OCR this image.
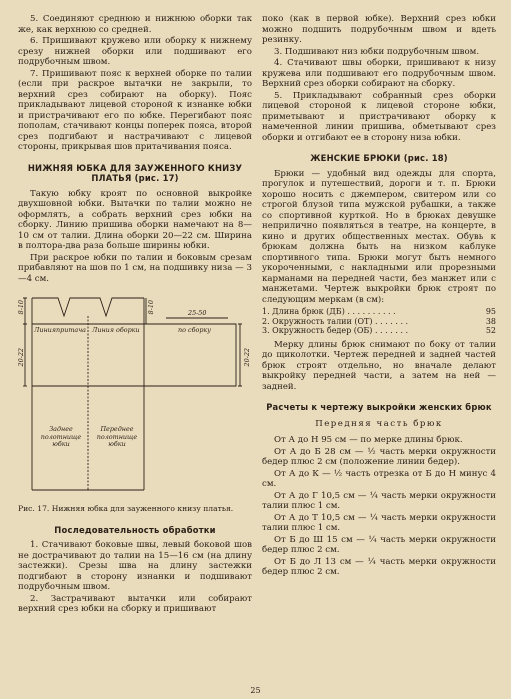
5. Соединяют среднюю и нижнюю оборки так же, как верхнюю со средней.

6. Пришивают кружево или оборку к нижнему срезу нижней оборки или подшивают его подрубочным швом.

7. Пришивают пояс к верхней оборке по талии (если при раскрое вытачки не закрыли, то верхний срез собирают на оборку). Пояс прикладывают лицевой стороной к изнанке юбки и пристрачивают его по юбке. Перегибают пояс пополам, стачивают концы поперек пояса, второй срез подгибают и настрачивают с лицевой стороны, прикрывая шов притачивания пояса.

НИЖНЯЯ ЮБКА ДЛЯ ЗАУЖЕННОГО КНИЗУ ПЛАТЬЯ (рис. 17)

Такую юбку кроят по основной выкройке двухшовной юбки. Вытачки по талии можно не оформлять, а собрать верхний срез юбки на сборку. Линию пришива оборки намечают на 8—10 см от талии. Длина оборки 20—22 см. Ширина в полтора-два раза больше ширины юбки.

При раскрое юбки по талии и боковым срезам прибавляют на шов по 1 см, на подшивку низа — 3—4 см.

8-10	8-10
Линия притача Линия оборки
25-50
по сборку
20-22	20-22
Заднее полотнище юбки
Переднее полотнище юбки

Рис. 17. Нижняя юбка для зауженного книзу платья.

Последовательность обработки

1. Стачивают боковые швы, левый боковой шов не дострачивают до талии на 15—16 см (на длину застежки). Срезы шва на длину застежки подгибают в сторону изнанки и подшивают подрубочным швом.

2. Застрачивают вытачки или собирают верхний срез юбки на сборку и пришивают

поко (как в первой юбке). Верхний срез юбки можно подшить подрубочным швом и вдеть резинку.

3. Подшивают низ юбки подрубочным швом.

4. Стачивают швы оборки, пришивают к низу кружева или подшивают его подрубочным швом. Верхний срез оборки собирают на сборку.

5. Прикладывают собранный срез оборки лицевой стороной к лицевой стороне юбки, приметывают и пристрачивают оборку к намеченной линии пришива, обметывают срез оборки и отгибают ее в сторону низа юбки.

ЖЕНСКИЕ БРЮКИ (рис. 18)

Брюки — удобный вид одежды для спорта, прогулок и путешествий, дороги и т. п. Брюки хорошо носить с джемпером, свитером или со строгой блузой типа мужской рубашки, а также со спортивной курткой. Но в брюках девушке неприлично появляться в театре, на концерте, в кино и других общественных местах. Обувь к брюкам должна быть на низком каблуке спортивного типа. Брюки могут быть немного укороченными, с накладными или прорезными карманами на передней части, без манжет или с манжетами. Чертеж выкройки брюк строят по следующим меркам (в см):

1. Длина брюк (ДБ) . . . . . . . . . .	95
2. Окружность талии (ОТ) . . . . . . .	38
3. Окружность бедер (ОБ) . . . . . . .	52

Мерку длины брюк снимают по боку от талии до щиколотки. Чертеж передней и задней частей брюк строят отдельно, но вначале делают выкройку передней части, а затем на ней — задней.

Расчеты к чертежу выкройки женских брюк
Передняя часть брюк

От А до Н 95 см — по мерке длины брюк.

От А до Б 28 см — ½ часть мерки окружности бедер плюс 2 см (положение линии бедер).

От А до К — ½ часть отрезка от Б до Н минус 4 см.

От А до Г 10,5 см — ¼ часть мерки окружности талии плюс 1 см.

От А до Т 10,5 см — ¼ часть мерки окружности талии плюс 1 см.

От Б до Ш 15 см — ¼ часть мерки окружности бедер плюс 2 см.

От Б до Л 13 см — ¼ часть мерки окружности бедер плюс 2 см.

25
